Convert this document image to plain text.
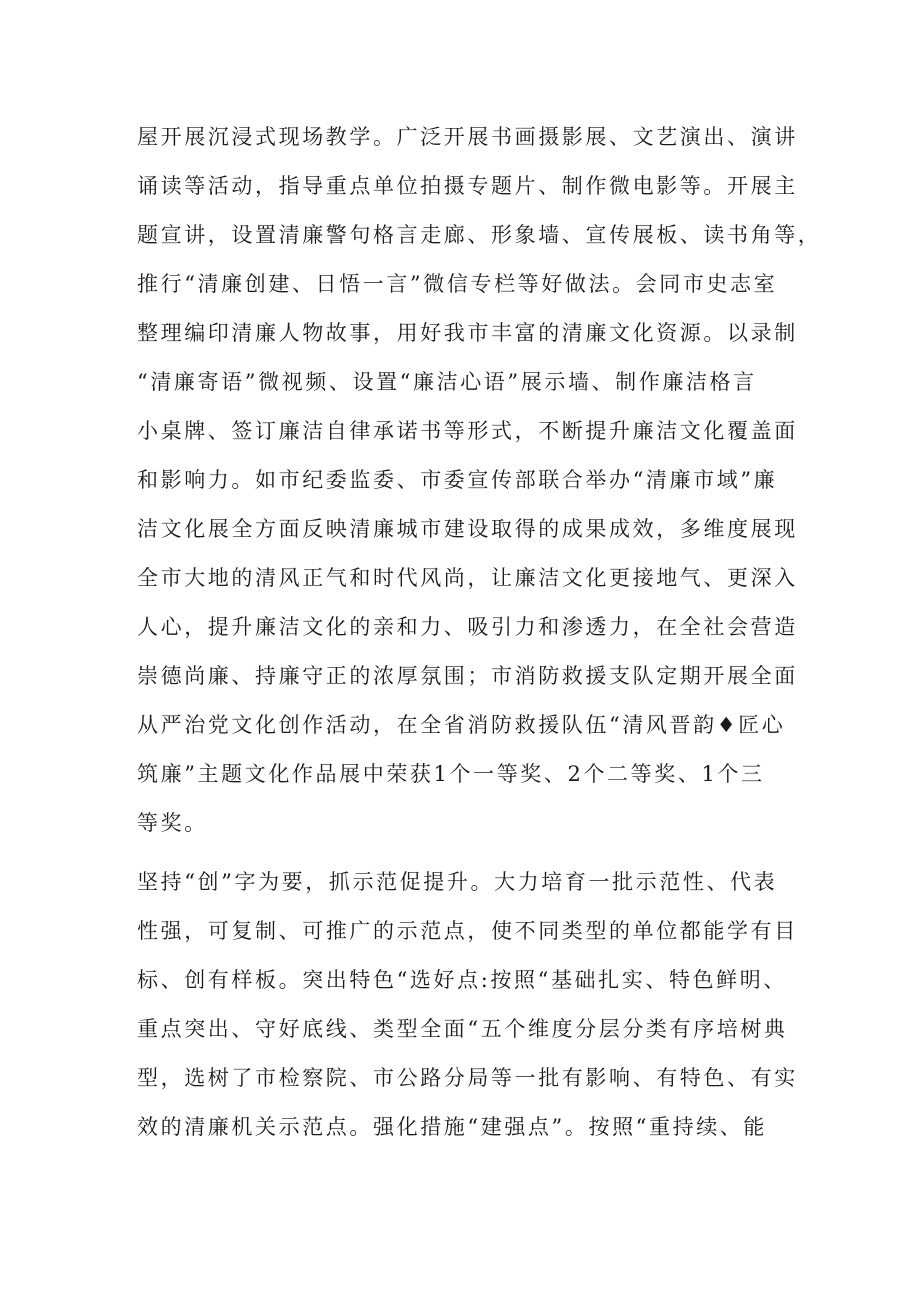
屋开展沉浸式现场教学。广泛开展书画摄影展、文艺演出、演讲
诵读等活动，指导重点单位拍摄专题片、制作微电影等。开展主
题宣讲，设置清廉警句格言走廊、形象墙、宣传展板、读书角等，
推行“清廉创建、日悟一言”微信专栏等好做法。会同市史志室
整理编印清廉人物故事，用好我市丰富的清廉文化资源。以录制
“清廉寄语”微视频、设置“廉洁心语”展示墙、制作廉洁格言
小桌牌、签订廉洁自律承诺书等形式，不断提升廉洁文化覆盖面
和影响力。如市纪委监委、市委宣传部联合举办“清廉市域”廉
洁文化展全方面反映清廉城市建设取得的成果成效，多维度展现
全市大地的清风正气和时代风尚，让廉洁文化更接地气、更深入
人心，提升廉洁文化的亲和力、吸引力和渗透力，在全社会营造
崇德尚廉、持廉守正的浓厚氛围；市消防救援支队定期开展全面
从严治党文化创作活动，在全省消防救援队伍“清风晋韵♦匠心
筑廉”主题文化作品展中荣获1个一等奖、2个二等奖、1个三
等奖。
坚持“创”字为要，抓示范促提升。大力培育一批示范性、代表
性强，可复制、可推广的示范点，使不同类型的单位都能学有目
标、创有样板。突出特色“选好点:按照“基础扎实、特色鲜明、
重点突出、守好底线、类型全面“五个维度分层分类有序培树典
型，选树了市检察院、市公路分局等一批有影响、有特色、有实
效的清廉机关示范点。强化措施“建强点”。按照“重持续、能
